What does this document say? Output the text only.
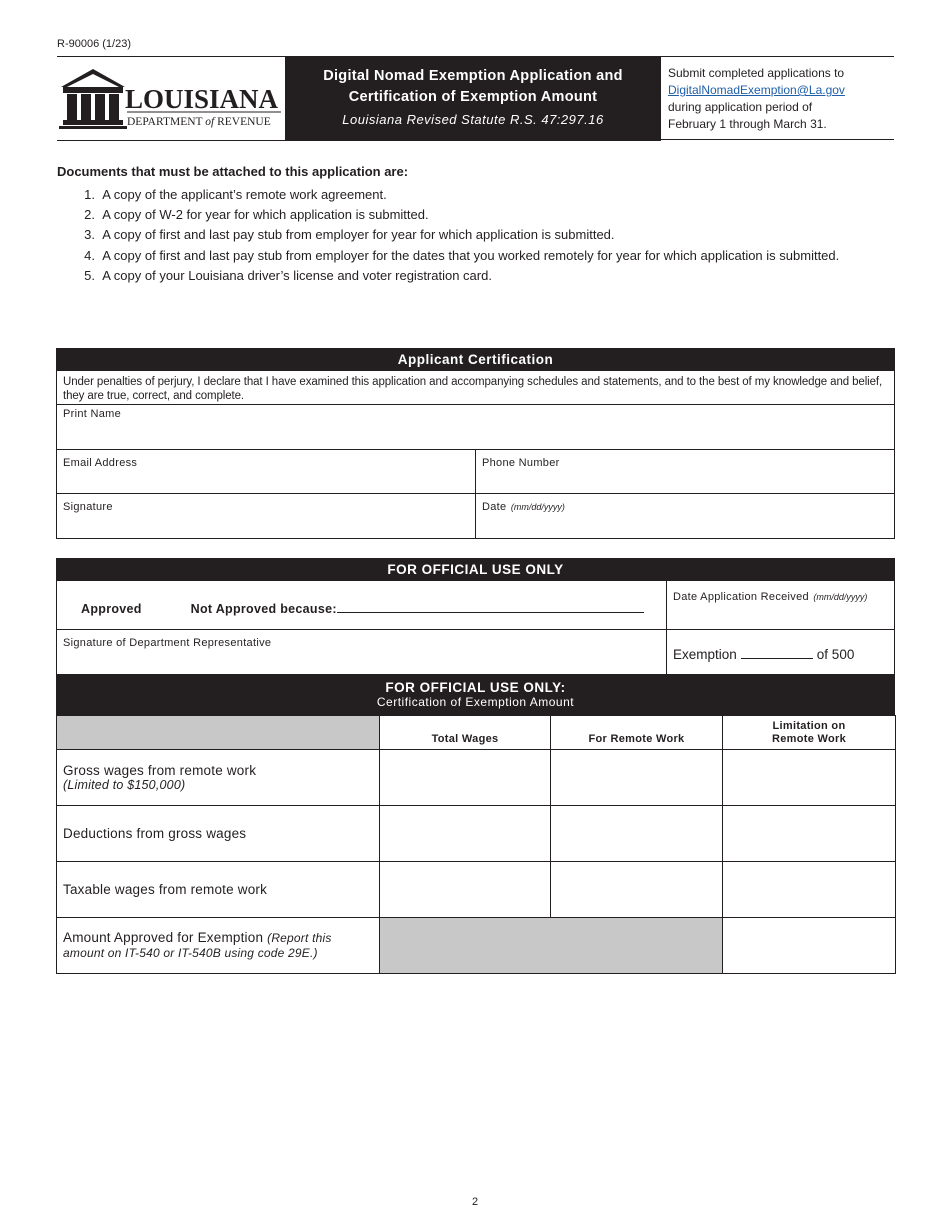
R-90006 (1/23)
LOUISIANA
DEPARTMENT of REVENUE
Digital Nomad Exemption Application and
Certification of Exemption Amount
Louisiana Revised Statute R.S. 47:297.16
Submit completed applications to
DigitalNomadExemption@La.gov
during application period of
February 1 through March 31.
Documents that must be attached to this application are:
1. A copy of the applicant’s remote work agreement.
2. A copy of W-2 for year for which application is submitted.
3. A copy of first and last pay stub from employer for year for which application is submitted.
4. A copy of first and last pay stub from employer for the dates that you worked remotely for year for which application is submitted.
5. A copy of your Louisiana driver’s license and voter registration card.
Applicant Certification
Under penalties of perjury, I declare that I have examined this application and accompanying schedules and statements, and to the best of my knowledge and belief, they are true, correct, and complete.
Print Name
Email Address	Phone Number
Signature	Date (mm/dd/yyyy)
FOR OFFICIAL USE ONLY
Approved	Not Approved because:
Date Application Received (mm/dd/yyyy)
Signature of Department Representative
Exemption	of 500
FOR OFFICIAL USE ONLY:
Certification of Exemption Amount
	Total Wages	For Remote Work	Limitation on
Remote Work

Gross wages from remote work
(Limited to $150,000)			

Deductions from gross wages			
Taxable wages from remote work			
Amount Approved for Exemption (Report this
amount on IT-540 or IT-540B using code 29E.)			

2
